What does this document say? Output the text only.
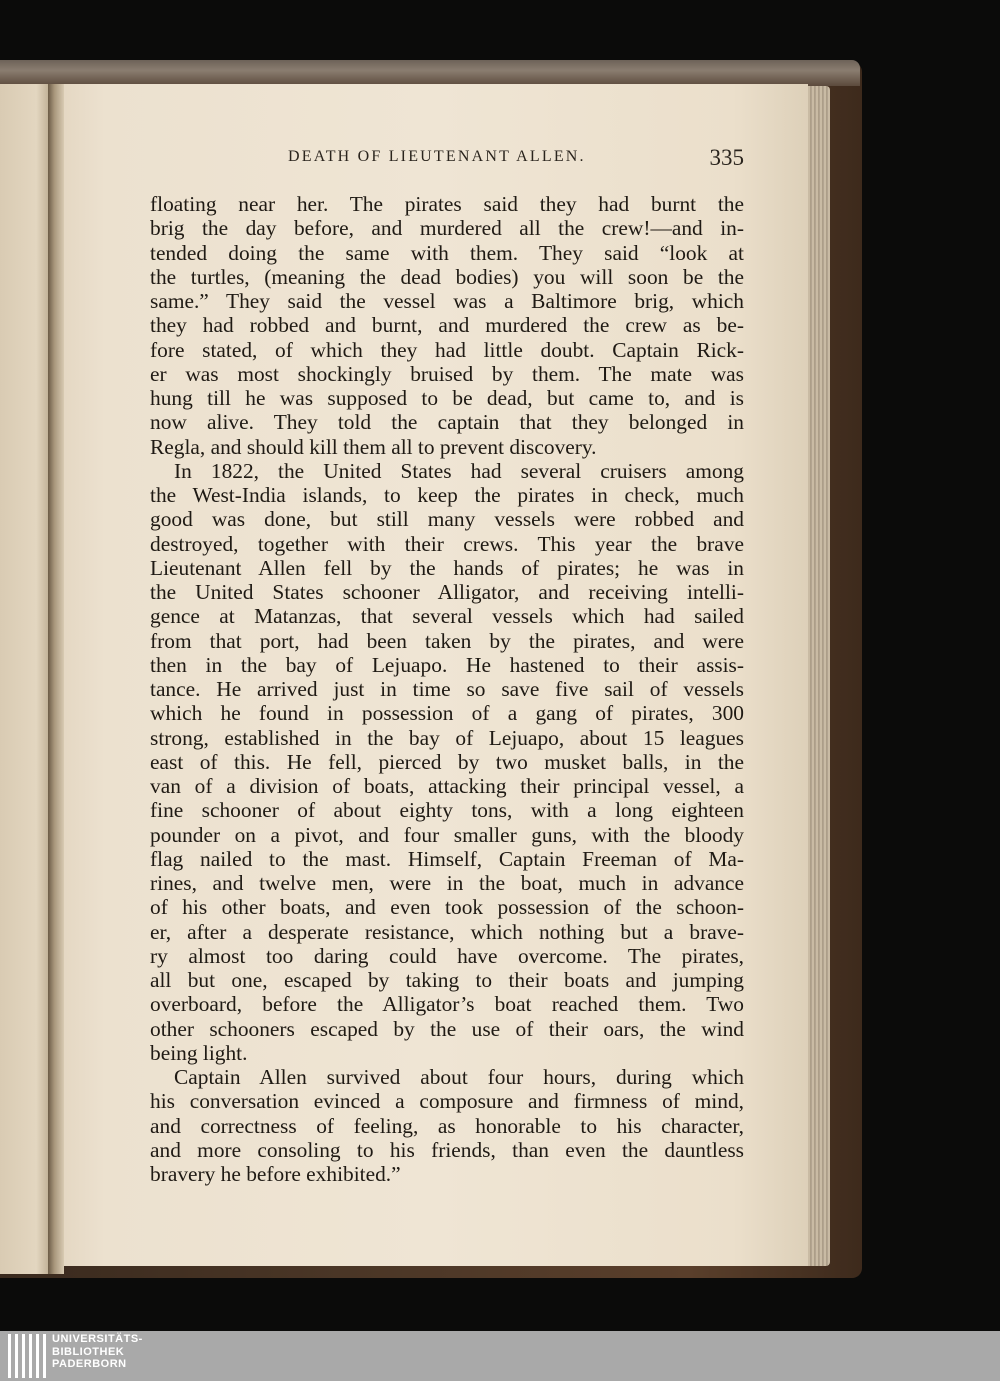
DEATH OF LIEUTENANT ALLEN.	335
floating near her. The pirates said they had burnt the
brig the day before, and murdered all the crew!—and in-
tended doing the same with them. They said “look at
the turtles, (meaning the dead bodies) you will soon be the
same.” They said the vessel was a Baltimore brig, which
they had robbed and burnt, and murdered the crew as be-
fore stated, of which they had little doubt. Captain Rick-
er was most shockingly bruised by them. The mate was
hung till he was supposed to be dead, but came to, and is
now alive. They told the captain that they belonged in
Regla, and should kill them all to prevent discovery.
In 1822, the United States had several cruisers among
the West-India islands, to keep the pirates in check, much
good was done, but still many vessels were robbed and
destroyed, together with their crews. This year the brave
Lieutenant Allen fell by the hands of pirates; he was in
the United States schooner Alligator, and receiving intelli-
gence at Matanzas, that several vessels which had sailed
from that port, had been taken by the pirates, and were
then in the bay of Lejuapo. He hastened to their assis-
tance. He arrived just in time so save five sail of vessels
which he found in possession of a gang of pirates, 300
strong, established in the bay of Lejuapo, about 15 leagues
east of this. He fell, pierced by two musket balls, in the
van of a division of boats, attacking their principal vessel, a
fine schooner of about eighty tons, with a long eighteen
pounder on a pivot, and four smaller guns, with the bloody
flag nailed to the mast. Himself, Captain Freeman of Ma-
rines, and twelve men, were in the boat, much in advance
of his other boats, and even took possession of the schoon-
er, after a desperate resistance, which nothing but a brave-
ry almost too daring could have overcome. The pirates,
all but one, escaped by taking to their boats and jumping
overboard, before the Alligator’s boat reached them. Two
other schooners escaped by the use of their oars, the wind
being light.
Captain Allen survived about four hours, during which
his conversation evinced a composure and firmness of mind,
and correctness of feeling, as honorable to his character,
and more consoling to his friends, than even the dauntless
bravery he before exhibited.”
UNIVERSITÄTS-
BIBLIOTHEK
PADERBORN
